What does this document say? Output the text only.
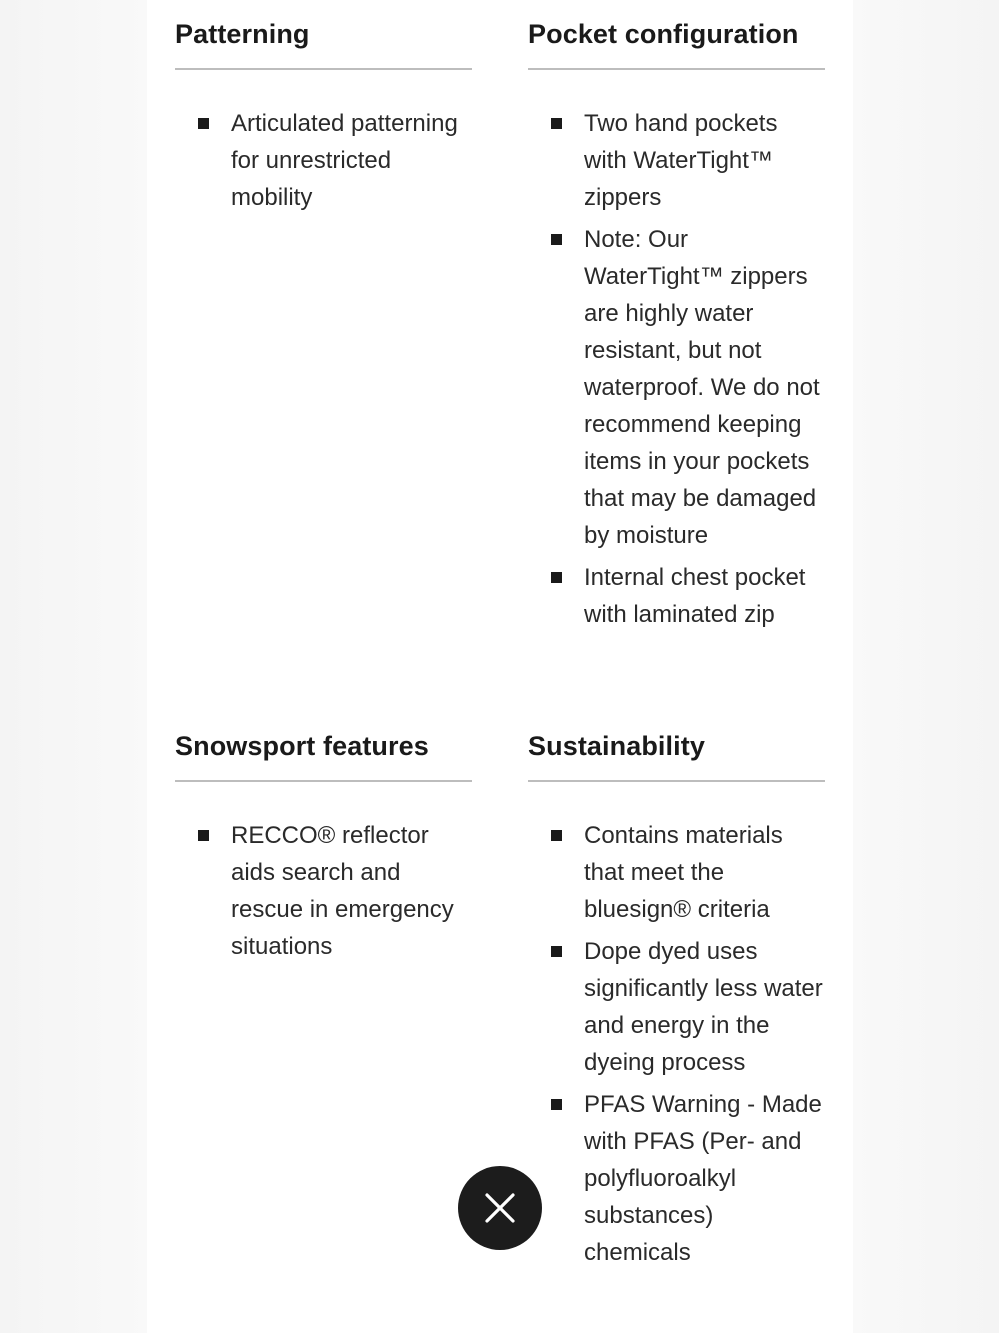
Patterning
Articulated patterning for unrestricted mobility
Pocket configuration
Two hand pockets with WaterTight™ zippers
Note: Our WaterTight™ zippers are highly water resistant, but not waterproof. We do not recommend keeping items in your pockets that may be damaged by moisture
Internal chest pocket with laminated zip
Snowsport features
RECCO® reflector aids search and rescue in emergency situations
Sustainability
Contains materials that meet the bluesign® criteria
Dope dyed uses significantly less water and energy in the dyeing process
PFAS Warning - Made with PFAS (Per- and polyfluoroalkyl substances) chemicals
